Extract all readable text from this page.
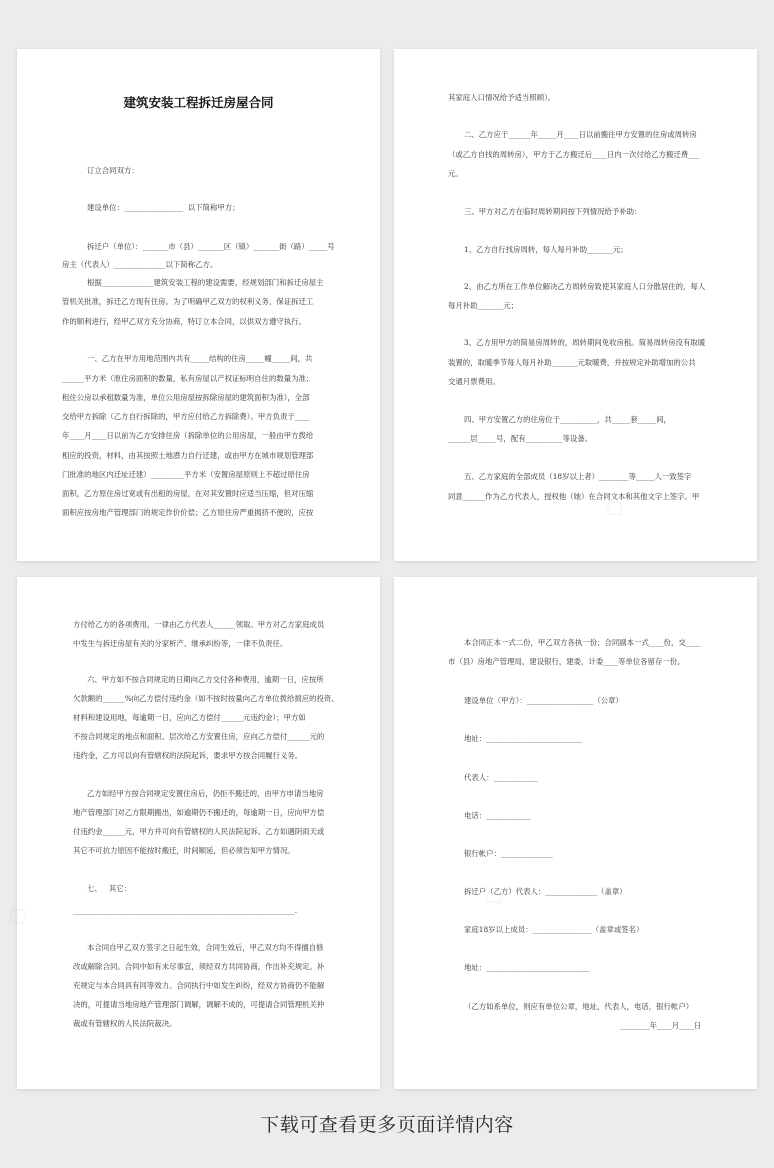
建筑安装工程拆迁房屋合同

订立合同双方：

建设单位：________________  以下简称甲方；

拆迁户（单位）：_______市（县）_______区（镇）_______街（路）_____号

房主（代表人）______________以下简称乙方。

根据______________建筑安装工程的建设需要，经规划部门和拆迁房屋主

管机关批准，拆迁乙方现有住房。为了明确甲乙双方的权利义务，保证拆迁工

作的顺利进行，经甲乙双方充分协商，特订立本合同，以供双方遵守执行。

一、乙方在甲方用地范围内共有_____结构的住房_____幢_____间，共

______平方米（原住房面积的数量，私有房屋以产权证标明自住的数量为准；

租住公房以承租数量为准，单位公用房屋按拆除房屋的建筑面积为准），全部

交给甲方拆除（乙方自行拆除的，甲方应付给乙方拆除费）。甲方负责于____

年____月____日以前为乙方安排住房（拆除单位的公用房屋，一般由甲方拨给

相应的投资，材料，由其按照土地潜力自行迁建，或由甲方在城市规划管理部

门批准的地区内迁址迁建）_________平方米（安置房屋原则上不超过原住房

面积，乙方原住房过宽或有出租的房屋，在对其安置时应适当压缩，但对压缩

面积应按房地产管理部门的规定作价价偿；乙方原住房严重拥挤不便的，应按

其家庭人口情况给予适当照顾）。

二、乙方应于______年_____月____日以前搬往甲方安置的住房或周转房

（或乙方自找的周转房），甲方于乙方搬迁后____日内一次付给乙方搬迁费___

元。

三、甲方对乙方在临时周转期间按下列情况给予补助：

1、乙方自行找房周转，每人每月补助_______元；

2、由乙方所在工作单位解决乙方周转房致使其家庭人口分散居住的，每人

每月补助_______元；

3、乙方用甲方的简易房周转的，周转期间免收房租。简易周转房没有取暖

装置的，取暖季节每人每月补助_______元取暖费，并按规定补助增加的公共

交通月票费用。

四、甲方安置乙方的住房位于__________，共_____套_____间，

______层_____号，配有__________等设备。

五、乙方家庭的全部成员（18岁以上者）________等_____人一致签字

同意______作为乙方代表人，授权他（她）在合同文本和其他文字上签字。甲

方付给乙方的各项费用，一律由乙方代表人______领取。甲方对乙方家庭成员

中发生与拆迁房屋有关的分家析产、继承纠纷等，一律不负责任。

六、甲方如不按合同规定的日期向乙方交付各种费用，逾期一日，应按所

欠款额的______%向乙方偿付违约金（如不按时按量向乙方单位拨给损应的投资、

材料和建设用地，每逾期一日，应向乙方偿付______元违约金）；甲方如

不按合同规定的地点和面积、层次给乙方安置住房，应向乙方偿付______元的

违约金，乙方可以向有管辖权的法院起诉，要求甲方按合同履行义务。

乙方如经甲方按合同规定安置住房后，仍拒不搬迁的，由甲方申请当地房

地产管理部门对乙方限期搬出，如逾期仍不搬迁的，每逾期一日，应向甲方偿

付违约金______元，甲方并可向有管辖权的人民法院起诉。乙方如遇阴雨天或

其它不可抗力原因不能按时搬迁，时间顺延，但必须告知甲方情况。

七、   其它：

____________________________________________________________.

本合同自甲乙双方签字之日起生效，合同生效后，甲乙双方均不得擅自修

改或解除合同。合同中如有未尽事宜，须经双方共同协商，作出补充规定。补

充规定与本合同具有同等效力。合同执行中如发生纠纷，经双方协商仍不能解

决的，可提请当地房地产管理部门调解，调解不成的，可提请合同管理机关仲

裁或有管辖权的人民法院裁决。

本合同正本一式二份，甲乙双方各执一份；合同副本一式____份，交____

市（县）房地产管理局，建设银行，建委，计委____等单位各留存一份。

建设单位（甲方）：__________________（公章）

地址：__________________________

代表人：____________

电话：____________

银行帐户：______________

拆迁户（乙方）代表人：______________（盖章）

家庭18岁以上成员：________________（盖章或签名）

地址：____________________________

（乙方如系单位，则应有单位公章，地址，代表人，电话，银行帐户）

________年____月____日

下载可查看更多页面详情内容
